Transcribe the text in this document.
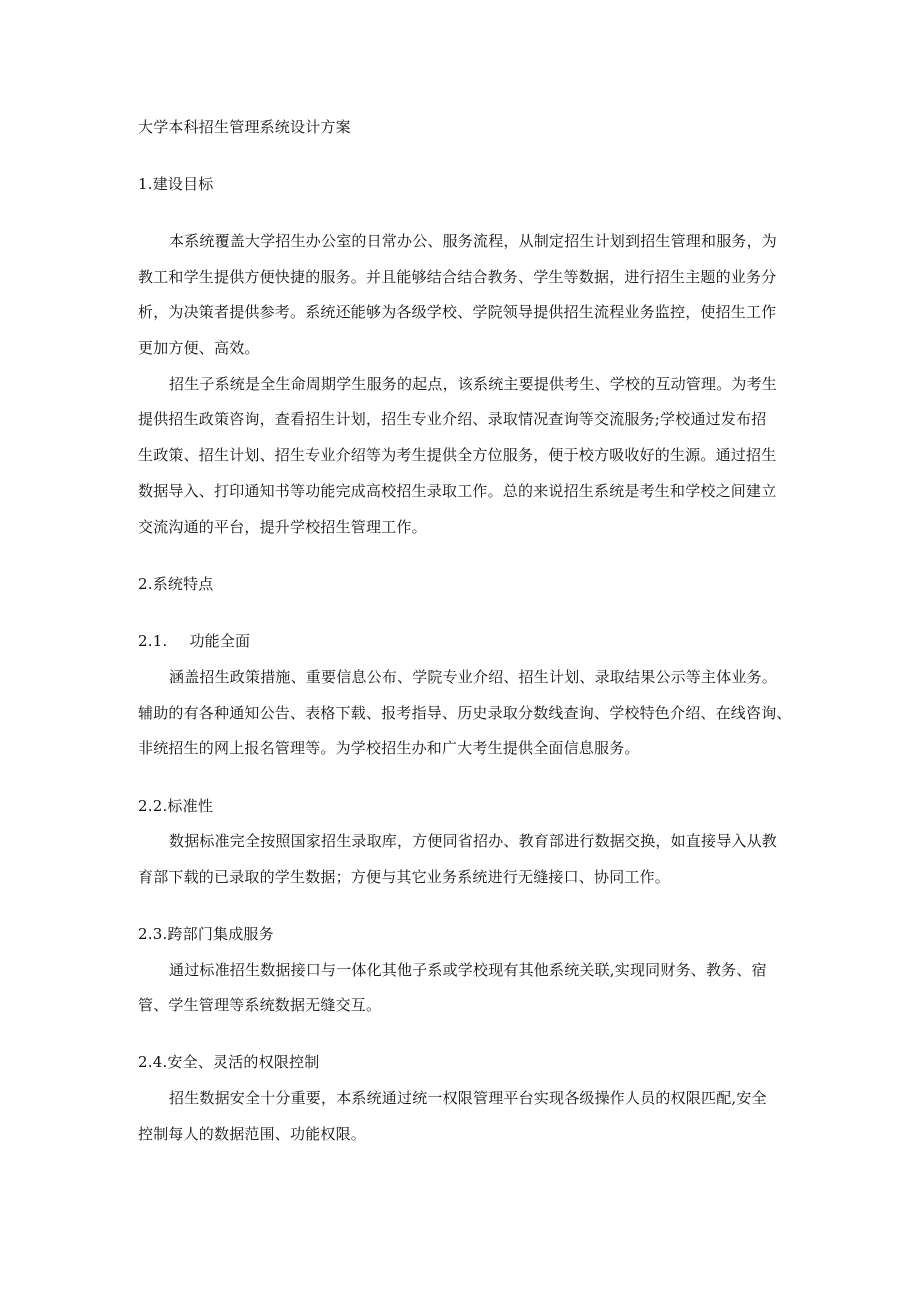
大学本科招生管理系统设计方案
1.建设目标
本系统覆盖大学招生办公室的日常办公、服务流程，从制定招生计划到招生管理和服务，为
教工和学生提供方便快捷的服务。并且能够结合结合教务、学生等数据，进行招生主题的业务分
析，为决策者提供参考。系统还能够为各级学校、学院领导提供招生流程业务监控，使招生工作
更加方便、高效。
招生子系统是全生命周期学生服务的起点，该系统主要提供考生、学校的互动管理。为考生
提供招生政策咨询，查看招生计划，招生专业介绍、录取情况查询等交流服务;学校通过发布招
生政策、招生计划、招生专业介绍等为考生提供全方位服务，便于校方吸收好的生源。通过招生
数据导入、打印通知书等功能完成高校招生录取工作。总的来说招生系统是考生和学校之间建立
交流沟通的平台，提升学校招生管理工作。
2.系统特点
2.1. 功能全面
涵盖招生政策措施、重要信息公布、学院专业介绍、招生计划、录取结果公示等主体业务。
辅助的有各种通知公告、表格下载、报考指导、历史录取分数线查询、学校特色介绍、在线咨询、
非统招生的网上报名管理等。为学校招生办和广大考生提供全面信息服务。
2.2.标准性
数据标准完全按照国家招生录取库，方便同省招办、教育部进行数据交换，如直接导入从教
育部下载的已录取的学生数据；方便与其它业务系统进行无缝接口、协同工作。
2.3.跨部门集成服务
通过标准招生数据接口与一体化其他子系或学校现有其他系统关联,实现同财务、教务、宿
管、学生管理等系统数据无缝交互。
2.4.安全、灵活的权限控制
招生数据安全十分重要，本系统通过统一权限管理平台实现各级操作人员的权限匹配,安全
控制每人的数据范围、功能权限。
